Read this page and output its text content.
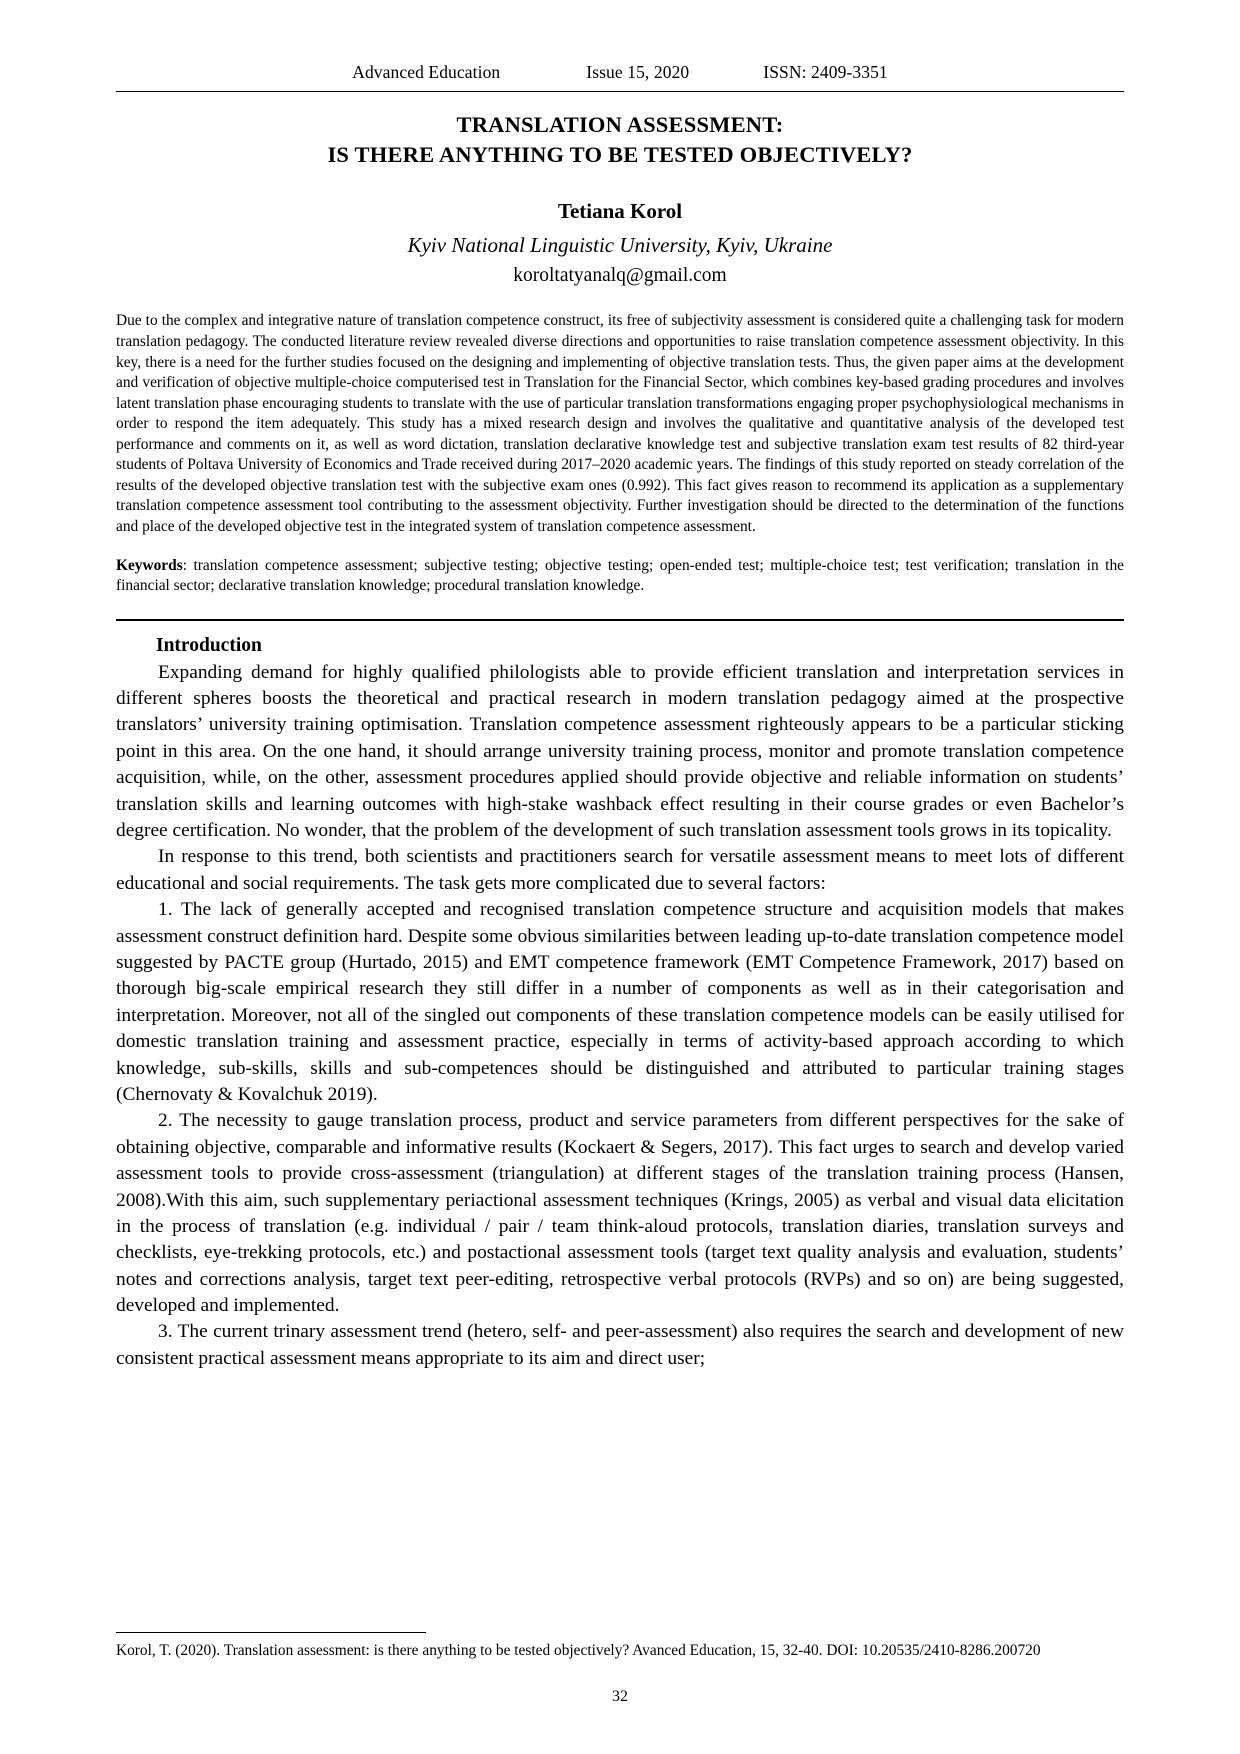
Advanced Education	Issue 15, 2020	ISSN: 2409-3351
TRANSLATION ASSESSMENT:
IS THERE ANYTHING TO BE TESTED OBJECTIVELY?
Tetiana Korol
Kyiv National Linguistic University, Kyiv, Ukraine
koroltatyanalq@gmail.com
Due to the complex and integrative nature of translation competence construct, its free of subjectivity assessment is considered quite a challenging task for modern translation pedagogy. The conducted literature review revealed diverse directions and opportunities to raise translation competence assessment objectivity. In this key, there is a need for the further studies focused on the designing and implementing of objective translation tests. Thus, the given paper aims at the development and verification of objective multiple-choice computerised test in Translation for the Financial Sector, which combines key-based grading procedures and involves latent translation phase encouraging students to translate with the use of particular translation transformations engaging proper psychophysiological mechanisms in order to respond the item adequately. This study has a mixed research design and involves the qualitative and quantitative analysis of the developed test performance and comments on it, as well as word dictation, translation declarative knowledge test and subjective translation exam test results of 82 third-year students of Poltava University of Economics and Trade received during 2017–2020 academic years. The findings of this study reported on steady correlation of the results of the developed objective translation test with the subjective exam ones (0.992). This fact gives reason to recommend its application as a supplementary translation competence assessment tool contributing to the assessment objectivity. Further investigation should be directed to the determination of the functions and place of the developed objective test in the integrated system of translation competence assessment.
Keywords: translation competence assessment; subjective testing; objective testing; open-ended test; multiple-choice test; test verification; translation in the financial sector; declarative translation knowledge; procedural translation knowledge.
Introduction

Expanding demand for highly qualified philologists able to provide efficient translation and interpretation services in different spheres boosts the theoretical and practical research in modern translation pedagogy aimed at the prospective translators’ university training optimisation. Translation competence assessment righteously appears to be a particular sticking point in this area. On the one hand, it should arrange university training process, monitor and promote translation competence acquisition, while, on the other, assessment procedures applied should provide objective and reliable information on students’ translation skills and learning outcomes with high-stake washback effect resulting in their course grades or even Bachelor’s degree certification. No wonder, that the problem of the development of such translation assessment tools grows in its topicality.

In response to this trend, both scientists and practitioners search for versatile assessment means to meet lots of different educational and social requirements. The task gets more complicated due to several factors:

1. The lack of generally accepted and recognised translation competence structure and acquisition models that makes assessment construct definition hard. Despite some obvious similarities between leading up-to-date translation competence model suggested by PACTE group (Hurtado, 2015) and EMT competence framework (EMT Competence Framework, 2017) based on thorough big-scale empirical research they still differ in a number of components as well as in their categorisation and interpretation. Moreover, not all of the singled out components of these translation competence models can be easily utilised for domestic translation training and assessment practice, especially in terms of activity-based approach according to which knowledge, sub-skills, skills and sub-competences should be distinguished and attributed to particular training stages (Chernovaty & Kovalchuk 2019).

2. The necessity to gauge translation process, product and service parameters from different perspectives for the sake of obtaining objective, comparable and informative results (Kockaert & Segers, 2017). This fact urges to search and develop varied assessment tools to provide cross-assessment (triangulation) at different stages of the translation training process (Hansen, 2008).With this aim, such supplementary periactional assessment techniques (Krings, 2005) as verbal and visual data elicitation in the process of translation (e.g. individual / pair / team think-aloud protocols, translation diaries, translation surveys and checklists, eye-trekking protocols, etc.) and postactional assessment tools (target text quality analysis and evaluation, students’ notes and corrections analysis, target text peer-editing, retrospective verbal protocols (RVPs) and so on) are being suggested, developed and implemented.

3. The current trinary assessment trend (hetero, self- and peer-assessment) also requires the search and development of new consistent practical assessment means appropriate to its aim and direct user;

Korol, T. (2020). Translation assessment: is there anything to be tested objectively? Avanced Education, 15, 32-40. DOI: 10.20535/2410-8286.200720
32
